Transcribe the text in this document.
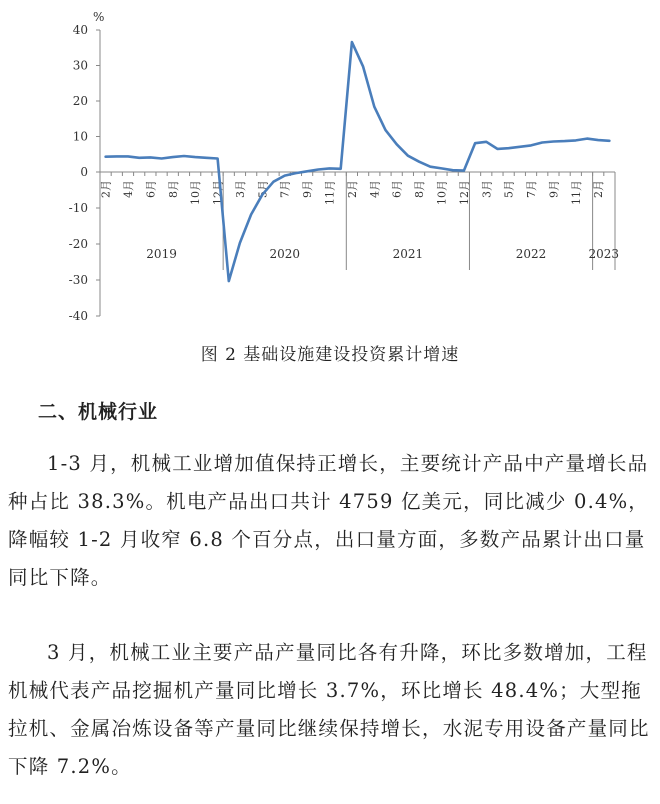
%
-40
-30
-20
-10
0
10
20
30
40
2月 4月 6月 8月 10月 12月 3月 5月 7月 9月 11月 2月 4月 6月 8月 10月 12月 3月 5月 7月 9月 11月 2月
2019	2020	2021	2022	2023
图 2 基础设施建设投资累计增速
二、机械行业

1-3 月，机械工业增加值保持正增长，主要统计产品中产量增长品种占比 38.3%。机电产品出口共计 4759 亿美元，同比减少 0.4%，降幅较 1-2 月收窄 6.8 个百分点，出口量方面，多数产品累计出口量同比下降。

3 月，机械工业主要产品产量同比各有升降，环比多数增加，工程机械代表产品挖掘机产量同比增长 3.7%，环比增长 48.4%；大型拖拉机、金属冶炼设备等产量同比继续保持增长，水泥专用设备产量同比下降 7.2%。
